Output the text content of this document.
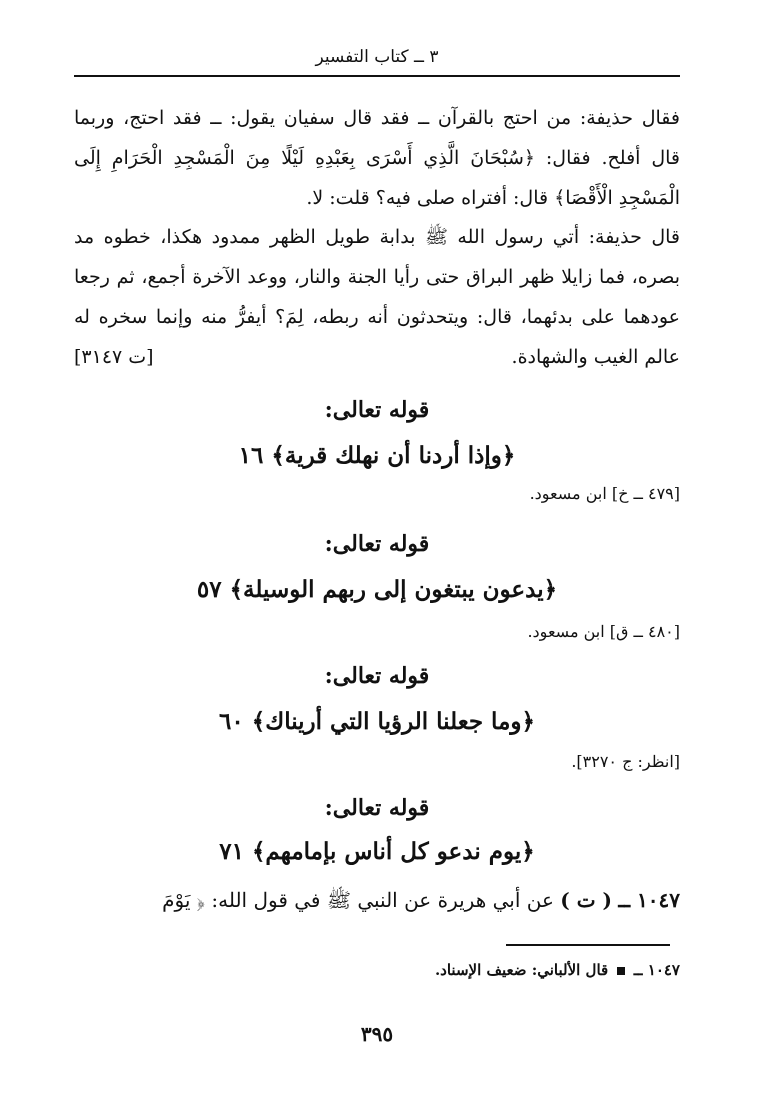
٣ ــ كتاب التفسير
فقال حذيفة: من احتج بالقرآن ــ فقد قال سفيان يقول: ــ فقد احتج، وربما قال أفلح. فقال: ﴿سُبْحَانَ الَّذِي أَسْرَى بِعَبْدِهِ لَيْلًا مِنَ الْمَسْجِدِ الْحَرَامِ إِلَى الْمَسْجِدِ الْأَقْصَا﴾ قال: أفتراه صلى فيه؟ قلت: لا.
قال حذيفة: أتي رسول الله ﷺ بدابة طويل الظهر ممدود هكذا، خطوه مد بصره، فما زايلا ظهر البراق حتى رأيا الجنة والنار، ووعد الآخرة أجمع، ثم رجعا عودهما على بدئهما، قال: ويتحدثون أنه ربطه، لِمَ؟ أيفرُّ منه وإنما سخره له عالم الغيب والشهادة.
[ت ٣١٤٧]
قوله تعالى:
﴿وإذا أردنا أن نهلك قرية﴾ ١٦
[٤٧٩ ــ خ] ابن مسعود.
قوله تعالى:
﴿يدعون يبتغون إلى ربهم الوسيلة﴾ ٥٧
[٤٨٠ ــ ق] ابن مسعود.
قوله تعالى:
﴿وما جعلنا الرؤيا التي أريناك﴾ ٦٠
[انظر: ج ٣٢٧٠].
قوله تعالى:
﴿يوم ندعو كل أناس بإمامهم﴾ ٧١
١٠٤٧ ــ ( ت ) عن أبي هريرة عن النبي ﷺ في قول الله: ﴿ يَوْمَ
١٠٤٧ ــ  قال الألباني: ضعيف الإسناد.
٣٩٥
